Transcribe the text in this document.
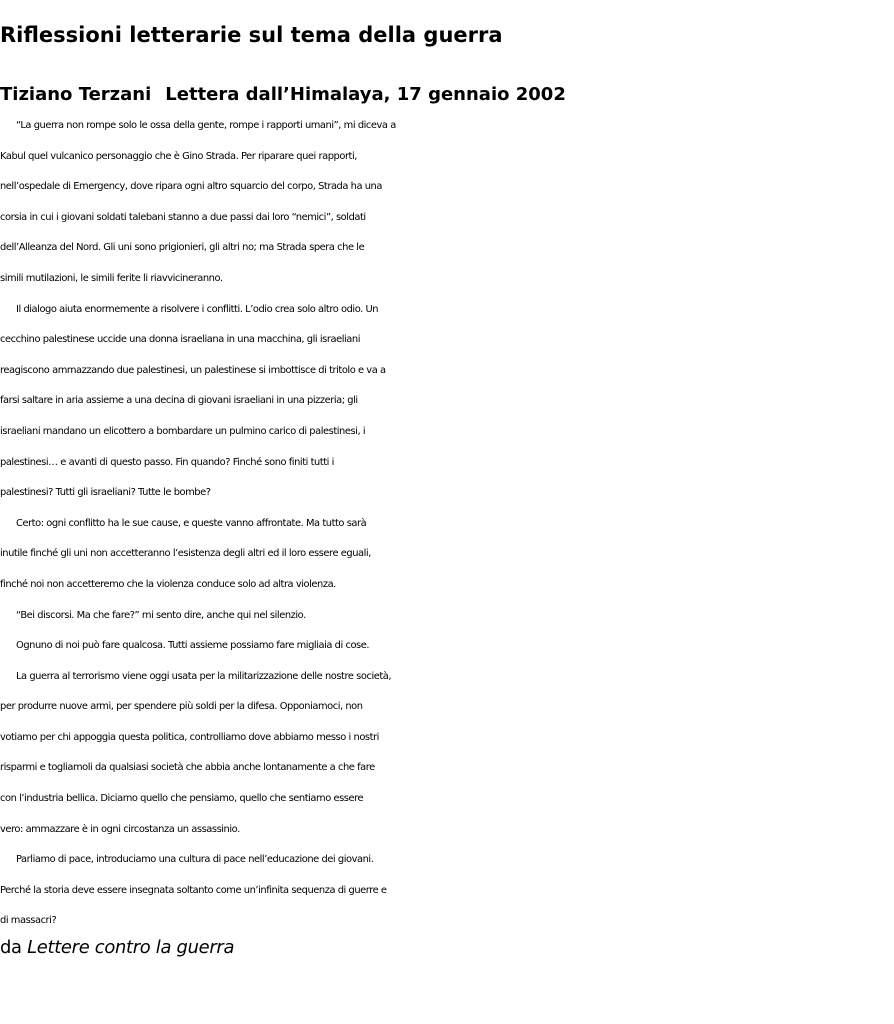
Riflessioni letterarie sul tema della guerra

Tiziano Terzani Lettera dall’Himalaya, 17 gennaio 2002

“La guerra non rompe solo le ossa della gente, rompe i rapporti umani”, mi diceva a
Kabul quel vulcanico personaggio che è Gino Strada. Per riparare quei rapporti,
nell’ospedale di Emergency, dove ripara ogni altro squarcio del corpo, Strada ha una
corsia in cui i giovani soldati talebani stanno a due passi dai loro “nemici”, soldati
dell’Alleanza del Nord. Gli uni sono prigionieri, gli altri no; ma Strada spera che le
simili mutilazioni, le simili ferite li riavvicineranno.
Il dialogo aiuta enormemente a risolvere i conflitti. L’odio crea solo altro odio. Un
cecchino palestinese uccide una donna israeliana in una macchina, gli israeliani
reagiscono ammazzando due palestinesi, un palestinese si imbottisce di tritolo e va a
farsi saltare in aria assieme a una decina di giovani israeliani in una pizzeria; gli
israeliani mandano un elicottero a bombardare un pulmino carico di palestinesi, i
palestinesi… e avanti di questo passo. Fin quando? Finché sono finiti tutti i
palestinesi? Tutti gli israeliani? Tutte le bombe?
Certo: ogni conflitto ha le sue cause, e queste vanno affrontate. Ma tutto sarà
inutile finché gli uni non accetteranno l’esistenza degli altri ed il loro essere eguali,
finché noi non accetteremo che la violenza conduce solo ad altra violenza.
“Bei discorsi. Ma che fare?” mi sento dire, anche qui nel silenzio.
Ognuno di noi può fare qualcosa. Tutti assieme possiamo fare migliaia di cose.
La guerra al terrorismo viene oggi usata per la militarizzazione delle nostre società,
per produrre nuove armi, per spendere più soldi per la difesa. Opponiamoci, non
votiamo per chi appoggia questa politica, controlliamo dove abbiamo messo i nostri
risparmi e togliamoli da qualsiasi società che abbia anche lontanamente a che fare
con l’industria bellica. Diciamo quello che pensiamo, quello che sentiamo essere
vero: ammazzare è in ogni circostanza un assassinio.
Parliamo di pace, introduciamo una cultura di pace nell’educazione dei giovani.
Perché la storia deve essere insegnata soltanto come un’infinita sequenza di guerre e
di massacri?
da Lettere contro la guerra
